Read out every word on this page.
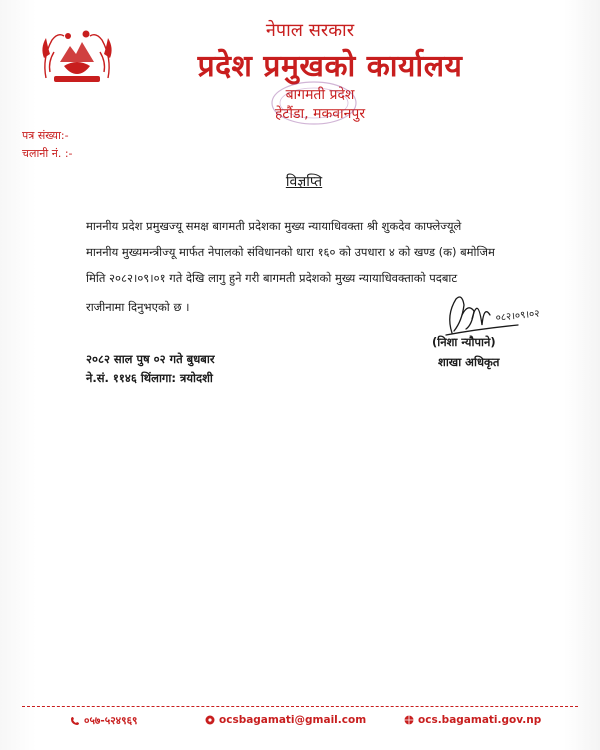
नेपाल सरकार
प्रदेश प्रमुखको कार्यालय
बागमती प्रदेश
हेटौंडा, मकवानपुर
पत्र संख्या:-
चलानी नं. :-
विज्ञप्ति
माननीय प्रदेश प्रमुखज्यू समक्ष बागमती प्रदेशका मुख्य न्यायाधिवक्ता श्री शुकदेव काफ्लेज्यूले
माननीय मुख्यमन्त्रीज्यू मार्फत नेपालको संविधानको धारा १६० को उपधारा ४ को खण्ड (क) बमोजिम
मिति २०८२।०९।०१ गते देखि लागु हुने गरी बागमती प्रदेशको मुख्य न्यायाधिवक्ताको पदबाट
राजीनामा दिनुभएको छ ।
०८२।०९।०२
(निशा न्यौपाने)
शाखा अधिकृत
२०८२ साल पुष ०२ गते बुधबार
ने.सं. ११४६ थिंलागा: त्रयोदशी
०५७-५२४९६९	ocsbagamati@gmail.com	ocs.bagamati.gov.np
